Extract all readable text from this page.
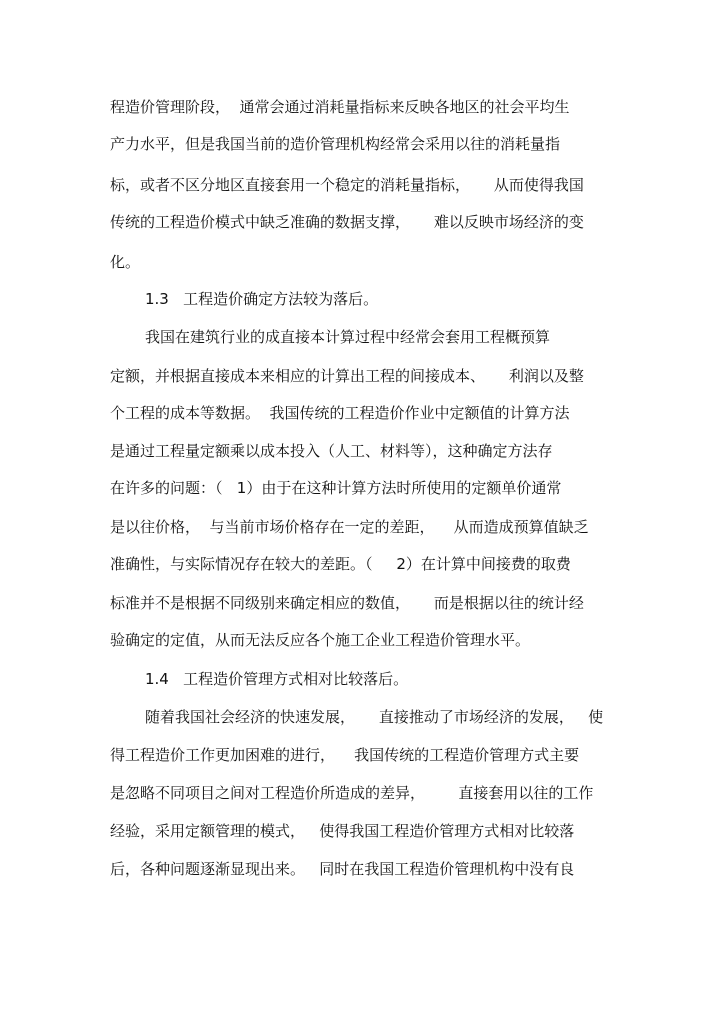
程造价管理阶段，  通常会通过消耗量指标来反映各地区的社会平均生

产力水平，但是我国当前的造价管理机构经常会采用以往的消耗量指

标，或者不区分地区直接套用一个稳定的消耗量指标，     从而使得我国

传统的工程造价模式中缺乏准确的数据支撑，     难以反映市场经济的变

化。

1.3   工程造价确定方法较为落后。

我国在建筑行业的成直接本计算过程中经常会套用工程概预算

定额，并根据直接成本来相应的计算出工程的间接成本、     利润以及整

个工程的成本等数据。  我国传统的工程造价作业中定额值的计算方法

是通过工程量定额乘以成本投入（人工、材料等），这种确定方法存

在许多的问题：（   1）由于在这种计算方法时所使用的定额单价通常

是以往价格，  与当前市场价格存在一定的差距，    从而造成预算值缺乏

准确性，与实际情况存在较大的差距。（     2）在计算中间接费的取费

标准并不是根据不同级别来确定相应的数值，     而是根据以往的统计经

验确定的定值，从而无法反应各个施工企业工程造价管理水平。

1.4   工程造价管理方式相对比较落后。

随着我国社会经济的快速发展，     直接推动了市场经济的发展，   使

得工程造价工作更加困难的进行，    我国传统的工程造价管理方式主要

是忽略不同项目之间对工程造价所造成的差异，       直接套用以往的工作

经验，采用定额管理的模式，   使得我国工程造价管理方式相对比较落

后，各种问题逐渐显现出来。   同时在我国工程造价管理机构中没有良
